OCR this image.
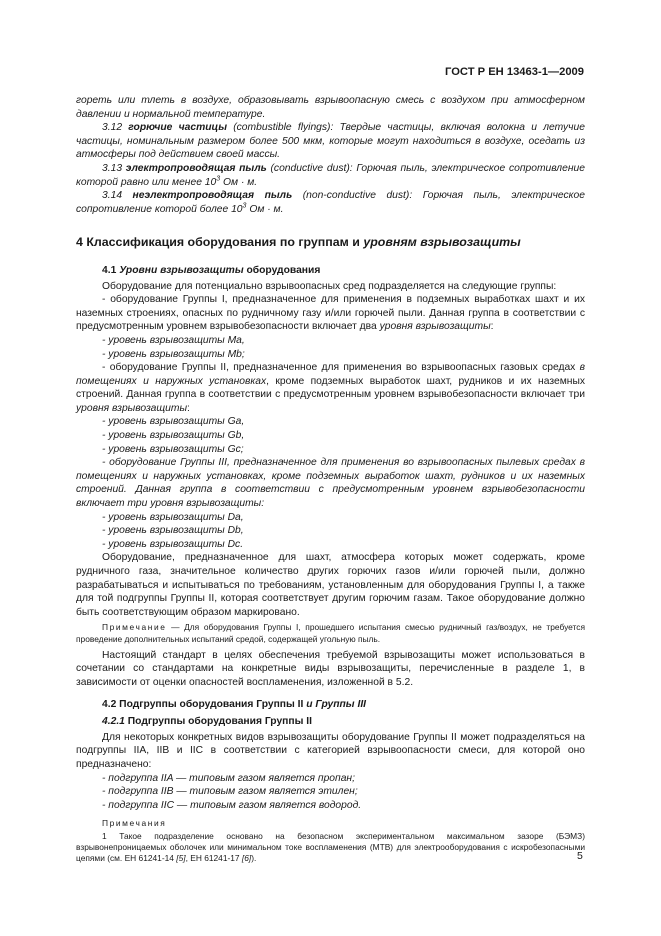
ГОСТ Р ЕН 13463-1—2009

гореть или тлеть в воздухе, образовывать взрывоопасную смесь с воздухом при атмосферном давлении и нормальной температуре.

3.12 горючие частицы (combustible flyings): Твердые частицы, включая волокна и летучие частицы, номинальным размером более 500 мкм, которые могут находиться в воздухе, оседать из атмосферы под действием своей массы.

3.13 электропроводящая пыль (conductive dust): Горючая пыль, электрическое сопротивление которой равно или менее $10^3$ Ом · м.

3.14 неэлектропроводящая пыль (non-conductive dust): Горючая пыль, электрическое сопротивление которой более $10^3$ Ом · м.

4 Классификация оборудования по группам и уровням взрывозащиты

4.1 Уровни взрывозащиты оборудования

Оборудование для потенциально взрывоопасных сред подразделяется на следующие группы:

- оборудование Группы I, предназначенное для применения в подземных выработках шахт и их наземных строениях, опасных по рудничному газу и/или горючей пыли. Данная группа в соответствии с предусмотренным уровнем взрывобезопасности включает два уровня взрывозащиты:

- уровень взрывозащиты Ma,

- уровень взрывозащиты Mb;

- оборудование Группы II, предназначенное для применения во взрывоопасных газовых средах в помещениях и наружных установках, кроме подземных выработок шахт, рудников и их наземных строений. Данная группа в соответствии с предусмотренным уровнем взрывобезопасности включает три уровня взрывозащиты:

- уровень взрывозащиты Ga,

- уровень взрывозащиты Gb,

- уровень взрывозащиты Gc;

- оборудование Группы III, предназначенное для применения во взрывоопасных пылевых средах в помещениях и наружных установках, кроме подземных выработок шахт, рудников и их наземных строений. Данная группа в соответствии с предусмотренным уровнем взрывобезопасности включает три уровня взрывозащиты:

- уровень взрывозащиты Da,

- уровень взрывозащиты Db,

- уровень взрывозащиты Dc.

Оборудование, предназначенное для шахт, атмосфера которых может содержать, кроме рудничного газа, значительное количество других горючих газов и/или горючей пыли, должно разрабатываться и испытываться по требованиям, установленным для оборудования Группы I, а также для той подгруппы Группы II, которая соответствует другим горючим газам. Такое оборудование должно быть соответствующим образом маркировано.

Примечание — Для оборудования Группы I, прошедшего испытания смесью рудничный газ/воздух, не требуется проведение дополнительных испытаний средой, содержащей угольную пыль.

Настоящий стандарт в целях обеспечения требуемой взрывозащиты может использоваться в сочетании со стандартами на конкретные виды взрывозащиты, перечисленные в разделе 1, в зависимости от оценки опасностей воспламенения, изложенной в 5.2.

4.2 Подгруппы оборудования Группы II и Группы III

4.2.1 Подгруппы оборудования Группы II

Для некоторых конкретных видов взрывозащиты оборудование Группы II может подразделяться на подгруппы IIA, IIB и IIC в соответствии с категорией взрывоопасности смеси, для которой оно предназначено:

- подгруппа IIA — типовым газом является пропан;

- подгруппа IIB — типовым газом является этилен;

- подгруппа IIC — типовым газом является водород.

Примечания

1 Такое подразделение основано на безопасном экспериментальном максимальном зазоре (БЭМЗ) взрывонепроницаемых оболочек или минимальном токе воспламенения (МТВ) для электрооборудования с искробезопасными цепями (см. ЕН 61241-14 [5], ЕН 61241-17 [6]).	5
